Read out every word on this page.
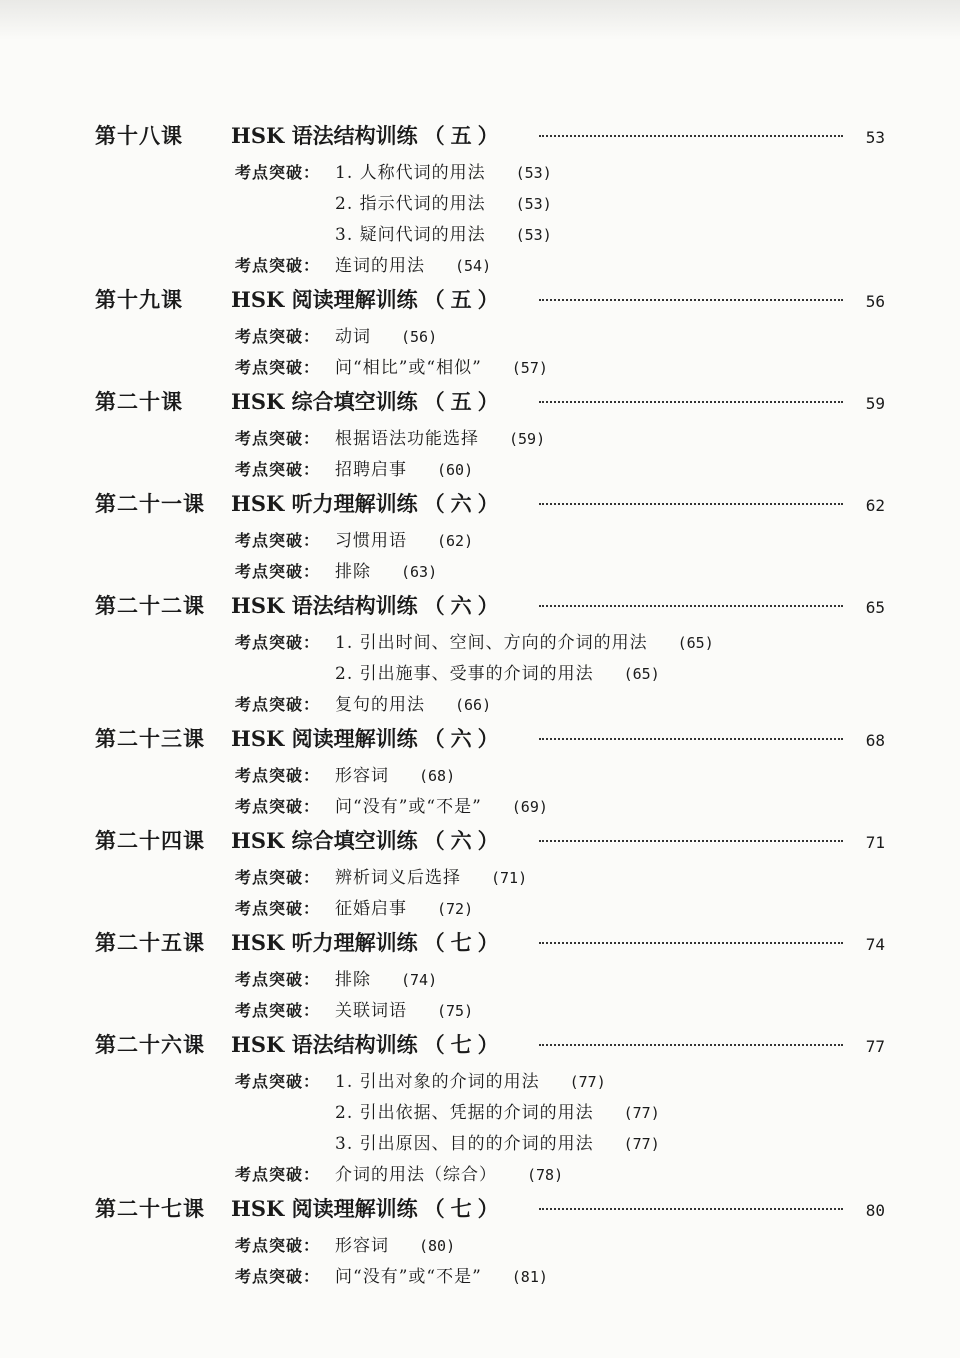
第十八课	HSK 语法结构训练 （五）	53
考点突破： 1. 人称代词的用法 (53)
2. 指示代词的用法 (53)
3. 疑问代词的用法 (53)
考点突破： 连词的用法 (54)
第十九课	HSK 阅读理解训练 （五）	56
考点突破： 动词 (56)
考点突破： 问“相比”或“相似” (57)
第二十课	HSK 综合填空训练 （五）	59
考点突破： 根据语法功能选择 (59)
考点突破： 招聘启事 (60)
第二十一课	HSK 听力理解训练 （六）	62
考点突破： 习惯用语 (62)
考点突破： 排除 (63)
第二十二课	HSK 语法结构训练 （六）	65
考点突破： 1. 引出时间、空间、方向的介词的用法 (65)
2. 引出施事、受事的介词的用法 (65)
考点突破： 复句的用法 (66)
第二十三课	HSK 阅读理解训练 （六）	68
考点突破： 形容词 (68)
考点突破： 问“没有”或“不是” (69)
第二十四课	HSK 综合填空训练 （六）	71
考点突破： 辨析词义后选择 (71)
考点突破： 征婚启事 (72)
第二十五课	HSK 听力理解训练 （七）	74
考点突破： 排除 (74)
考点突破： 关联词语 (75)
第二十六课	HSK 语法结构训练 （七）	77
考点突破： 1. 引出对象的介词的用法 (77)
2. 引出依据、凭据的介词的用法 (77)
3. 引出原因、目的的介词的用法 (77)
考点突破： 介词的用法（综合） (78)
第二十七课	HSK 阅读理解训练 （七）	80
考点突破： 形容词 (80)
考点突破： 问“没有”或“不是” (81)
